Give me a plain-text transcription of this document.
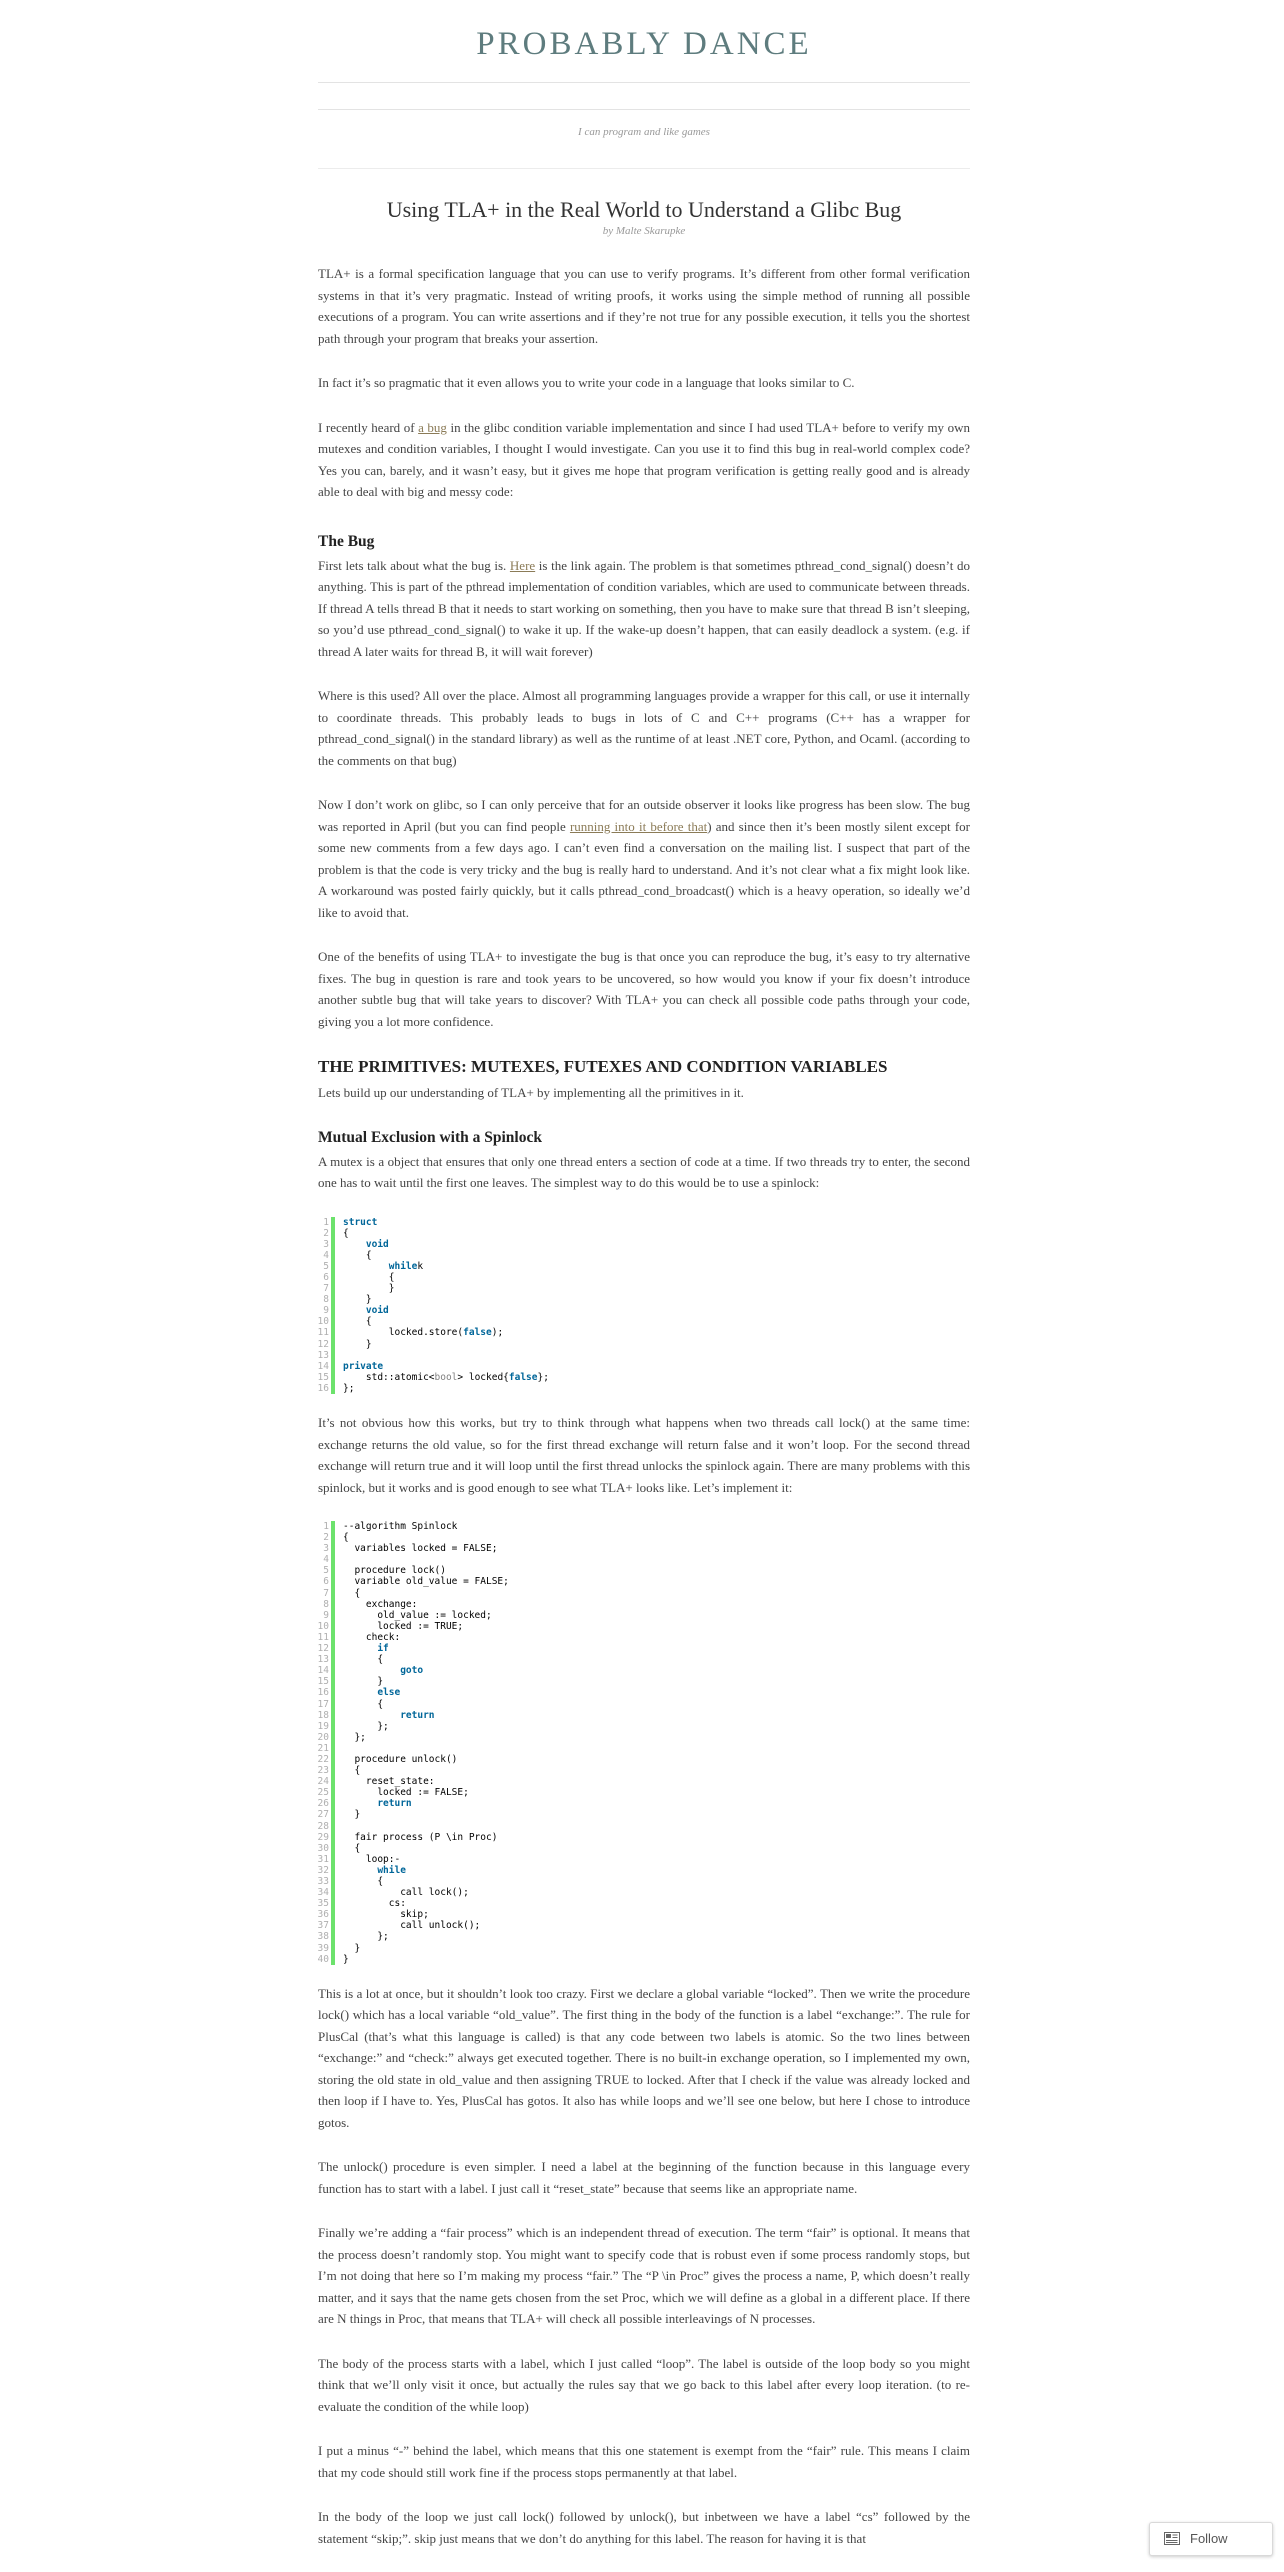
PROBABLY DANCE
I can program and like games
Using TLA+ in the Real World to Understand a Glibc Bug
by Malte Skarupke

TLA+ is a formal specification language that you can use to verify programs. It’s different from other formal verification systems in that it’s very pragmatic. Instead of writing proofs, it works using the simple method of running all possible executions of a program. You can write assertions and if they’re not true for any possible execution, it tells you the shortest path through your program that breaks your assertion.

In fact it’s so pragmatic that it even allows you to write your code in a language that looks similar to C.

I recently heard of a bug in the glibc condition variable implementation and since I had used TLA+ before to verify my own mutexes and condition variables, I thought I would investigate. Can you use it to find this bug in real-world complex code? Yes you can, barely, and it wasn’t easy, but it gives me hope that program verification is getting really good and is already able to deal with big and messy code:

The Bug

First lets talk about what the bug is. Here is the link again. The problem is that sometimes pthread_cond_signal() doesn’t do anything. This is part of the pthread implementation of condition variables, which are used to communicate between threads. If thread A tells thread B that it needs to start working on something, then you have to make sure that thread B isn’t sleeping, so you’d use pthread_cond_signal() to wake it up. If the wake-up doesn’t happen, that can easily deadlock a system. (e.g. if thread A later waits for thread B, it will wait forever)

Where is this used? All over the place. Almost all programming languages provide a wrapper for this call, or use it internally to coordinate threads. This probably leads to bugs in lots of C and C++ programs (C++ has a wrapper for pthread_cond_signal() in the standard library) as well as the runtime of at least .NET core, Python, and Ocaml. (according to the comments on that bug)

Now I don’t work on glibc, so I can only perceive that for an outside observer it looks like progress has been slow. The bug was reported in April (but you can find people running into it before that) and since then it’s been mostly silent except for some new comments from a few days ago. I can’t even find a conversation on the mailing list. I suspect that part of the problem is that the code is very tricky and the bug is really hard to understand. And it’s not clear what a fix might look like. A workaround was posted fairly quickly, but it calls pthread_cond_broadcast() which is a heavy operation, so ideally we’d like to avoid that.

One of the benefits of using TLA+ to investigate the bug is that once you can reproduce the bug, it’s easy to try alternative fixes. The bug in question is rare and took years to be uncovered, so how would you know if your fix doesn’t introduce another subtle bug that will take years to discover? With TLA+ you can check all possible code paths through your code, giving you a lot more confidence.

THE PRIMITIVES: MUTEXES, FUTEXES AND CONDITION VARIABLES

Lets build up our understanding of TLA+ by implementing all the primitives in it.

Mutual Exclusion with a Spinlock

A mutex is a object that ensures that only one thread enters a section of code at a time. If two threads try to enter, the second one has to wait until the first one leaves. The simplest way to do this would be to use a spinlock:

1
2
3
4
5
6
7
8
9
10
11
12
13
14
15
16
struct
{
void
{
whilek
{
}
}
void
{
locked.store(false);
}
private
std::atomic<bool> locked{false};
};

It’s not obvious how this works, but try to think through what happens when two threads call lock() at the same time: exchange returns the old value, so for the first thread exchange will return false and it won’t loop. For the second thread exchange will return true and it will loop until the first thread unlocks the spinlock again. There are many problems with this spinlock, but it works and is good enough to see what TLA+ looks like. Let’s implement it:

1
2
3
4
5
6
7
8
9
10
11
12
13
14
15
16
17
18
19
20
21
22
23
24
25
26
27
28
29
30
31
32
33
34
35
36
37
38
39
40
--algorithm Spinlock
{
variables locked = FALSE;
procedure lock()
variable old_value = FALSE;
{
exchange:
old_value := locked;
locked := TRUE;
check:
if
{
goto
}
else
{
return
};
};
procedure unlock()
{
reset_state:
locked := FALSE;
return
}
fair process (P \in Proc)
{
loop:-
while
{
call lock();
cs:
skip;
call unlock();
};
}
}

This is a lot at once, but it shouldn’t look too crazy. First we declare a global variable “locked”. Then we write the procedure lock() which has a local variable “old_value”. The first thing in the body of the function is a label “exchange:”. The rule for PlusCal (that’s what this language is called) is that any code between two labels is atomic. So the two lines between “exchange:” and “check:” always get executed together. There is no built-in exchange operation, so I implemented my own, storing the old state in old_value and then assigning TRUE to locked. After that I check if the value was already locked and then loop if I have to. Yes, PlusCal has gotos. It also has while loops and we’ll see one below, but here I chose to introduce gotos.

The unlock() procedure is even simpler. I need a label at the beginning of the function because in this language every function has to start with a label. I just call it “reset_state” because that seems like an appropriate name.

Finally we’re adding a “fair process” which is an independent thread of execution. The term “fair” is optional. It means that the process doesn’t randomly stop. You might want to specify code that is robust even if some process randomly stops, but I’m not doing that here so I’m making my process “fair.” The “P \in Proc” gives the process a name, P, which doesn’t really matter, and it says that the name gets chosen from the set Proc, which we will define as a global in a different place. If there are N things in Proc, that means that TLA+ will check all possible interleavings of N processes.

The body of the process starts with a label, which I just called “loop”. The label is outside of the loop body so you might think that we’ll only visit it once, but actually the rules say that we go back to this label after every loop iteration. (to re-evaluate the condition of the while loop)

I put a minus “-” behind the label, which means that this one statement is exempt from the “fair” rule. This means I claim that my code should still work fine if the process stops permanently at that label.

In the body of the loop we just call lock() followed by unlock(), but inbetween we have a label “cs” followed by the statement “skip;”. skip just means that we don’t do anything for this label. The reason for having it is that	Follow
